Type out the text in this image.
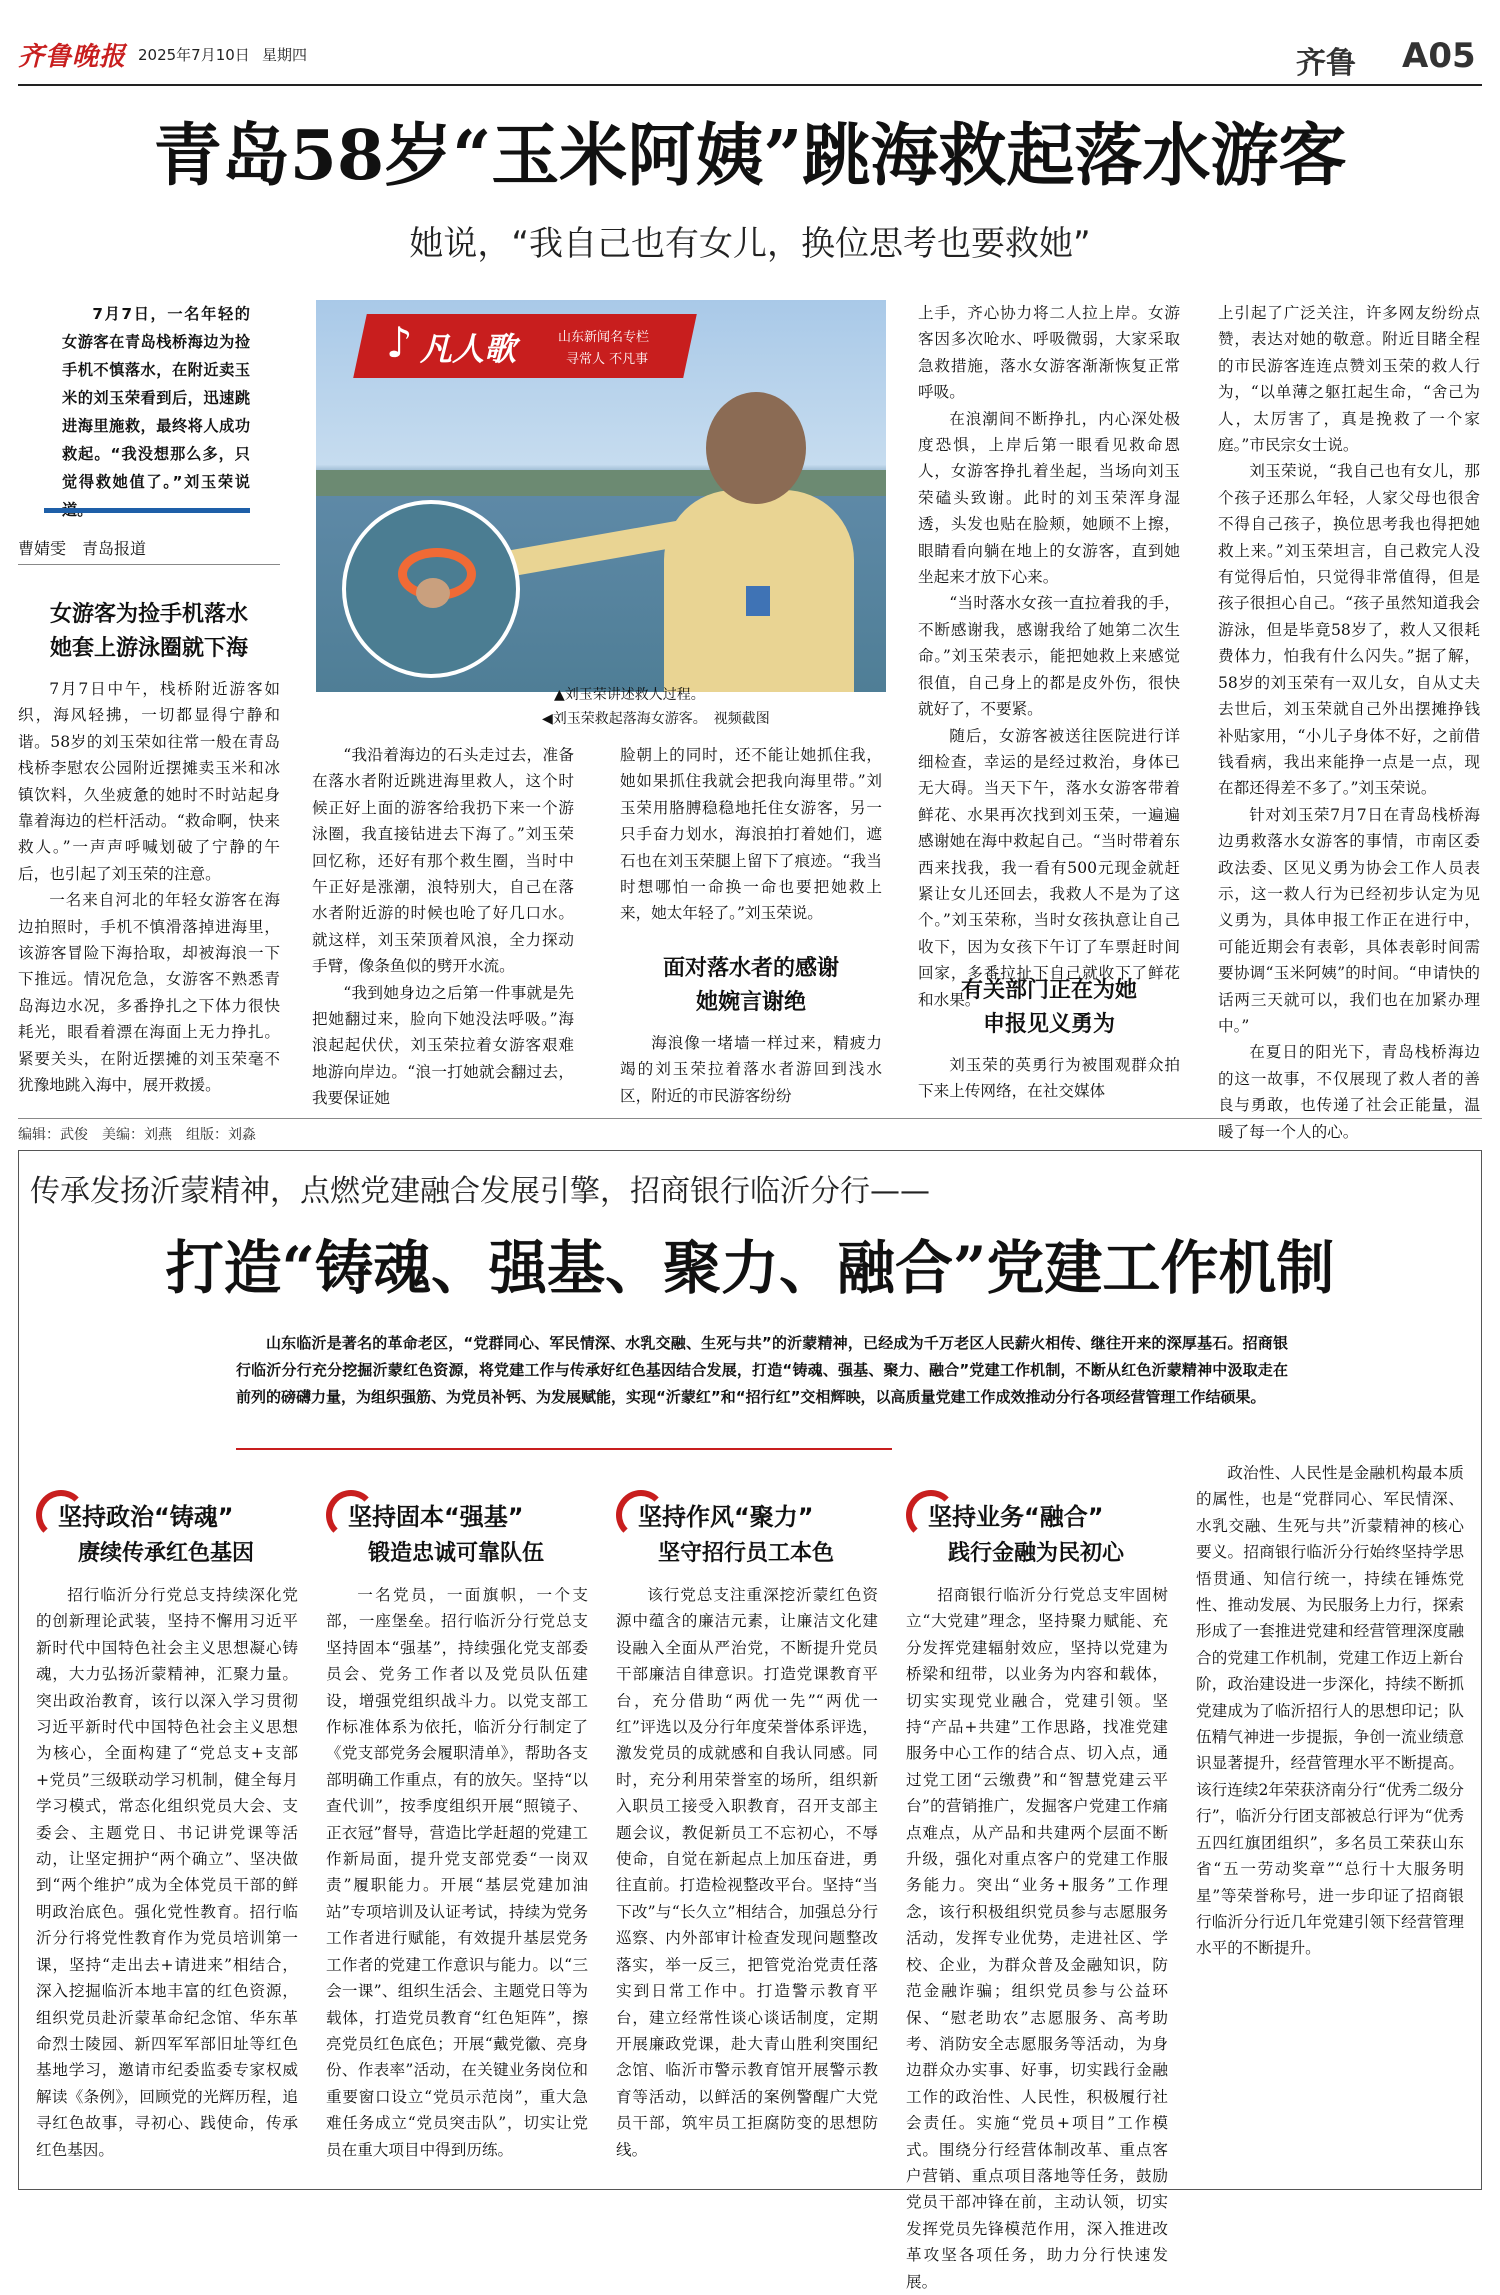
齐鲁晚报 2025年7月10日 星期四	齐鲁 A05
青岛58岁“玉米阿姨”跳海救起落水游客
她说，“我自己也有女儿，换位思考也要救她”
7月7日，一名年轻的女游客在青岛栈桥海边为捡手机不慎落水，在附近卖玉米的刘玉荣看到后，迅速跳进海里施救，最终将人成功救起。“我没想那么多，只觉得救她值了。”刘玉荣说
曹婧雯　青岛报道
♪ 凡人歌	山东新闻名专栏
寻常人 不凡事
▲刘玉荣讲述救人过程。
◀刘玉荣救起落海女游客。　视频截图
女游客为捡手机落水
她套上游泳圈就下海

7月7日中午，栈桥附近游客如织，海风轻拂，一切都显得宁静和谐。58岁的刘玉荣如往常一般在青岛栈桥李慰农公园附近摆摊卖玉米和冰镇饮料，久坐疲惫的她时不时站起身靠着海边的栏杆活动。“救命啊，快来救人。”一声声呼喊划破了宁静的午后，也引起了刘玉荣的注意。

一名来自河北的年轻女游客在海边拍照时，手机不慎滑落掉进海里，该游客冒险下海拾取，却被海浪一下下推远。情况危急，女游客不熟悉青岛海边水况，多番挣扎之下体力很快耗光，眼看着漂在海面上无力挣扎。紧要关头，在附近摆摊的刘玉荣毫不犹豫地跳入海中，展开救援。

“我沿着海边的石头走过去，准备在落水者附近跳进海里救人，这个时候正好上面的游客给我扔下来一个游泳圈，我直接钻进去下海了。”刘玉荣回忆称，还好有那个救生圈，当时中午正好是涨潮，浪特别大，自己在落水者附近游的时候也呛了好几口水。就这样，刘玉荣顶着风浪，全力探动手臂，像条鱼似的劈开水流。

“我到她身边之后第一件事就是先把她翻过来，脸向下她没法呼吸。”海浪起起伏伏，刘玉荣拉着女游客艰难地游向岸边。“浪一打她就会翻过去，我要保证她

脸朝上的同时，还不能让她抓住我，她如果抓住我就会把我向海里带。”刘玉荣用胳膊稳稳地托住女游客，另一只手奋力划水，海浪拍打着她们，遮石也在刘玉荣腿上留下了痕迹。“我当时想哪怕一命换一命也要把她救上来，她太年轻了。”刘玉荣说。

面对落水者的感谢
她婉言谢绝

海浪像一堵墙一样过来，精疲力竭的刘玉荣拉着落水者游回到浅水区，附近的市民游客纷纷

上手，齐心协力将二人拉上岸。女游客因多次呛水、呼吸微弱，大家采取急救措施，落水女游客渐渐恢复正常呼吸。

在浪潮间不断挣扎，内心深处极度恐惧，上岸后第一眼看见救命恩人，女游客挣扎着坐起，当场向刘玉荣磕头致谢。此时的刘玉荣浑身湿透，头发也贴在脸颊，她顾不上擦，眼睛看向躺在地上的女游客，直到她坐起来才放下心来。

“当时落水女孩一直拉着我的手，不断感谢我，感谢我给了她第二次生命。”刘玉荣表示，能把她救上来感觉很值，自己身上的都是皮外伤，很快就好了，不要紧。

随后，女游客被送往医院进行详细检查，幸运的是经过救治，身体已无大碍。当天下午，落水女游客带着鲜花、水果再次找到刘玉荣，一遍遍感谢她在海中救起自己。“当时带着东西来找我，我一看有500元现金就赶紧让女儿还回去，我救人不是为了这个。”刘玉荣称，当时女孩执意让自己收下，因为女孩下午订了车票赶时间回家，多番拉扯下自己就收下了鲜花和水果。

有关部门正在为她
申报见义勇为

刘玉荣的英勇行为被围观群众拍下来上传网络，在社交媒体

上引起了广泛关注，许多网友纷纷点赞，表达对她的敬意。附近目睹全程的市民游客连连点赞刘玉荣的救人行为，“以单薄之躯扛起生命，“舍己为人，太厉害了，真是挽救了一个家庭。”市民宗女士说。

刘玉荣说，“我自己也有女儿，那个孩子还那么年轻，人家父母也很舍不得自己孩子，换位思考我也得把她救上来。”刘玉荣坦言，自己救完人没有觉得后怕，只觉得非常值得，但是孩子很担心自己。“孩子虽然知道我会游泳，但是毕竟58岁了，救人又很耗费体力，怕我有什么闪失。”据了解，58岁的刘玉荣有一双儿女，自从丈夫去世后，刘玉荣就自己外出摆摊挣钱补贴家用，“小儿子身体不好，之前借钱看病，我出来能挣一点是一点，现在都还得差不多了。”刘玉荣说。

针对刘玉荣7月7日在青岛栈桥海边勇救落水女游客的事情，市南区委政法委、区见义勇为协会工作人员表示，这一救人行为已经初步认定为见义勇为，具体申报工作正在进行中，可能近期会有表彰，具体表彰时间需要协调“玉米阿姨”的时间。“申请快的话两三天就可以，我们也在加紧办理中。”

在夏日的阳光下，青岛栈桥海边的这一故事，不仅展现了救人者的善良与勇敢，也传递了社会正能量，温暖了每一个人的心。

编辑：武俊　美编：刘燕　组版：刘淼
传承发扬沂蒙精神，点燃党建融合发展引擎，招商银行临沂分行——
打造“铸魂、强基、聚力、融合”党建工作机制
山东临沂是著名的革命老区，“党群同心、军民情深、水乳交融、生死与共”的沂蒙精神，已经成为千万老区人民薪火相传、继往开来的深厚基石。招商银行临沂分行充分挖掘沂蒙红色资源，将党建工作与传承好红色基因结合发展，打造“铸魂、强基、聚力、融合”党建工作机制，不断从红色沂蒙精神中汲取走在前列的磅礴力量，为组织强筋、为党员补钙、为发展赋能，实现“沂蒙红”和“招行红”交相辉映，以高质量党建工作成效推动分行各项经营管理工作结硕果。
坚持政治“铸魂”
赓续传承红色基因

招行临沂分行党总支持续深化党的创新理论武装，坚持不懈用习近平新时代中国特色社会主义思想凝心铸魂，大力弘扬沂蒙精神，汇聚力量。突出政治教育，该行以深入学习贯彻习近平新时代中国特色社会主义思想为核心，全面构建了“党总支+支部+党员”三级联动学习机制，健全每月学习模式，常态化组织党员大会、支委会、主题党日、书记讲党课等活动，让坚定拥护“两个确立”、坚决做到“两个维护”成为全体党员干部的鲜明政治底色。强化党性教育。招行临沂分行将党性教育作为党员培训第一课，坚持“走出去+请进来”相结合，深入挖掘临沂本地丰富的红色资源，组织党员赴沂蒙革命纪念馆、华东革命烈士陵园、新四军军部旧址等红色基地学习，邀请市纪委监委专家权威解读《条例》，回顾党的光辉历程，追寻红色故事，寻初心、践使命，传承红色基因。

坚持固本“强基”
锻造忠诚可靠队伍

一名党员，一面旗帜，一个支部，一座堡垒。招行临沂分行党总支坚持固本“强基”，持续强化党支部委员会、党务工作者以及党员队伍建设，增强党组织战斗力。以党支部工作标准体系为依托，临沂分行制定了《党支部党务会履职清单》，帮助各支部明确工作重点，有的放矢。坚持“以查代训”，按季度组织开展“照镜子、正衣冠”督导，营造比学赶超的党建工作新局面，提升党支部党委“一岗双责”履职能力。开展“基层党建加油站”专项培训及认证考试，持续为党务工作者进行赋能，有效提升基层党务工作者的党建工作意识与能力。以“三会一课”、组织生活会、主题党日等为载体，打造党员教育“红色矩阵”，擦亮党员红色底色；开展“戴党徽、亮身份、作表率”活动，在关键业务岗位和重要窗口设立“党员示范岗”，重大急难任务成立“党员突击队”，切实让党员在重大项目中得到历练。

坚持作风“聚力”
坚守招行员工本色

该行党总支注重深挖沂蒙红色资源中蕴含的廉洁元素，让廉洁文化建设融入全面从严治党，不断提升党员干部廉洁自律意识。打造党课教育平台，充分借助“两优一先”“两优一红”评选以及分行年度荣誉体系评选，激发党员的成就感和自我认同感。同时，充分利用荣誉室的场所，组织新入职员工接受入职教育，召开支部主题会议，教促新员工不忘初心，不辱使命，自觉在新起点上加压奋进，勇往直前。打造检视整改平台。坚持“当下改”与“长久立”相结合，加强总分行巡察、内外部审计检查发现问题整改落实，举一反三，把管党治党责任落实到日常工作中。打造警示教育平台，建立经常性谈心谈话制度，定期开展廉政党课，赴大青山胜利突围纪念馆、临沂市警示教育馆开展警示教育等活动，以鲜活的案例警醒广大党员干部，筑牢员工拒腐防变的思想防线。

坚持业务“融合”
践行金融为民初心

招商银行临沂分行党总支牢固树立“大党建”理念，坚持聚力赋能、充分发挥党建辐射效应，坚持以党建为桥梁和纽带，以业务为内容和载体，切实实现党业融合，党建引领。坚持“产品+共建”工作思路，找准党建服务中心工作的结合点、切入点，通过党工团“云缴费”和“智慧党建云平台”的营销推广，发掘客户党建工作痛点难点，从产品和共建两个层面不断升级，强化对重点客户的党建工作服务能力。突出“业务+服务”工作理念，该行积极组织党员参与志愿服务活动，发挥专业优势，走进社区、学校、企业，为群众普及金融知识，防范金融诈骗；组织党员参与公益环保、“慰老助农”志愿服务、高考助考、消防安全志愿服务等活动，为身边群众办实事、好事，切实践行金融工作的政治性、人民性，积极履行社会责任。实施“党员+项目”工作模式。围绕分行经营体制改革、重点客户营销、重点项目落地等任务，鼓励党员干部冲锋在前，主动认领，切实发挥党员先锋模范作用，深入推进改革攻坚各项任务，助力分行快速发展。

政治性、人民性是金融机构最本质的属性，也是“党群同心、军民情深、水乳交融、生死与共”沂蒙精神的核心要义。招商银行临沂分行始终坚持学思悟贯通、知信行统一，持续在锤炼党性、推动发展、为民服务上力行，探索形成了一套推进党建和经营管理深度融合的党建工作机制，党建工作迈上新台阶，政治建设进一步深化，持续不断抓党建成为了临沂招行人的思想印记；队伍精气神进一步提振，争创一流业绩意识显著提升，经营管理水平不断提高。该行连续2年荣获济南分行“优秀二级分行”，临沂分行团支部被总行评为“优秀五四红旗团组织”，多名员工荣获山东省“五一劳动奖章”“总行十大服务明星”等荣誉称号，进一步印证了招商银行临沂分行近几年党建引领下经营管理水平的不断提升。
